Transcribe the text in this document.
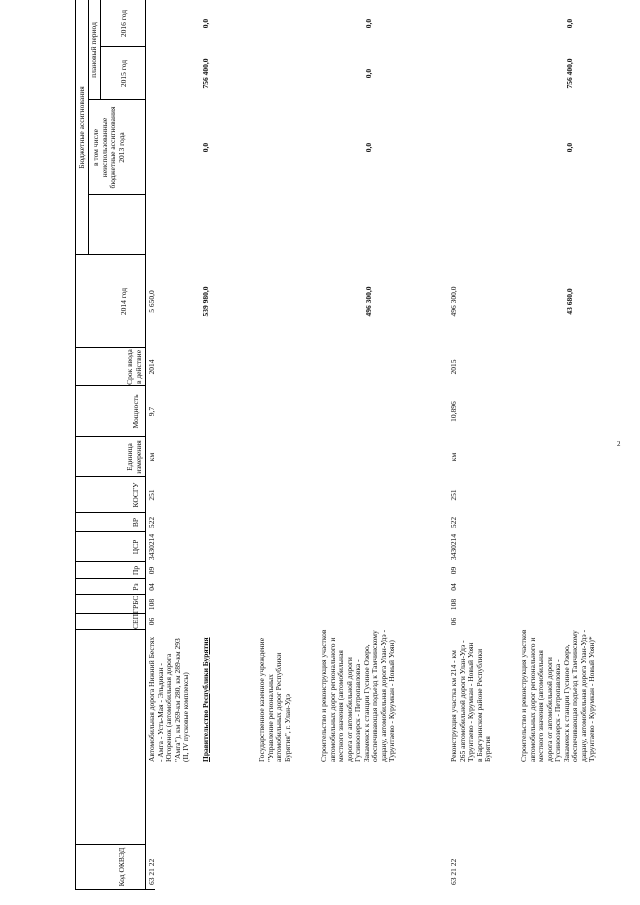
Код ОКВЭД
СЕП
ГРБС
Рз
Пр
ЦСР
ВР
КОСГУ
Единица измерения
Мощность
Срок ввода в действие
Бюджетные ассигнования
2014 год
в том числе неиспользованные бюджетные ассигнования 2013 года
плановый период	2015 год
2016 год
63 21 22
Автомобильная дорога Нижний Бестях - Амга - Усть-Мая - Эльдикан - Югоренок (автомобильная дорога "Амга"), км 269-км 280, км 289-км 293 (II, IV пусковые комплексы)
06
108
04
09
3430214
522
251
км
9,7
2014
5 650,0
Правительство Республики Бурятия
539 980,0
0,0
756 400,0
0,0
Государственное казенное учреждение "Управление региональных автомобильных дорог Республики Бурятия", г. Улан-Удэ	Строительство и реконструкция участков автомобильных дорог регионального и местного значения (автомобильная дорога от автомобильной дороги Гусиноозерск - Петропавловка - Закаменск к станции Гусиное Озеро, обеспечивающая подъезд к Тамчинскому дацану, автомобильная дорога Улан-Удэ - Турунтаево - Курумкан - Новый Уоян)
496 300,0
0,0
0,0
0,0
63 21 22
Реконструкция участка км 214 - км 265 автомобильной дороги Улан-Удэ - Турунтаево - Курумкан - Новый Уоян в Баргузинском районе Республики Бурятия
06
108
04
09
3430214
522
251
км
10,896
2015
496 300,0
Строительство и реконструкция участков автомобильных дорог регионального и местного значения (автомобильная дорога от автомобильной дороги Гусиноозерск - Петропавловка - Закаменск к станции Гусиное Озеро, обеспечивающая подъезд к Тамчинскому дацану, автомобильная дорога Улан-Удэ - Турунтаево - Курумкан - Новый Уоян)*
43 680,0
0,0
756 400,0
0,0
2
